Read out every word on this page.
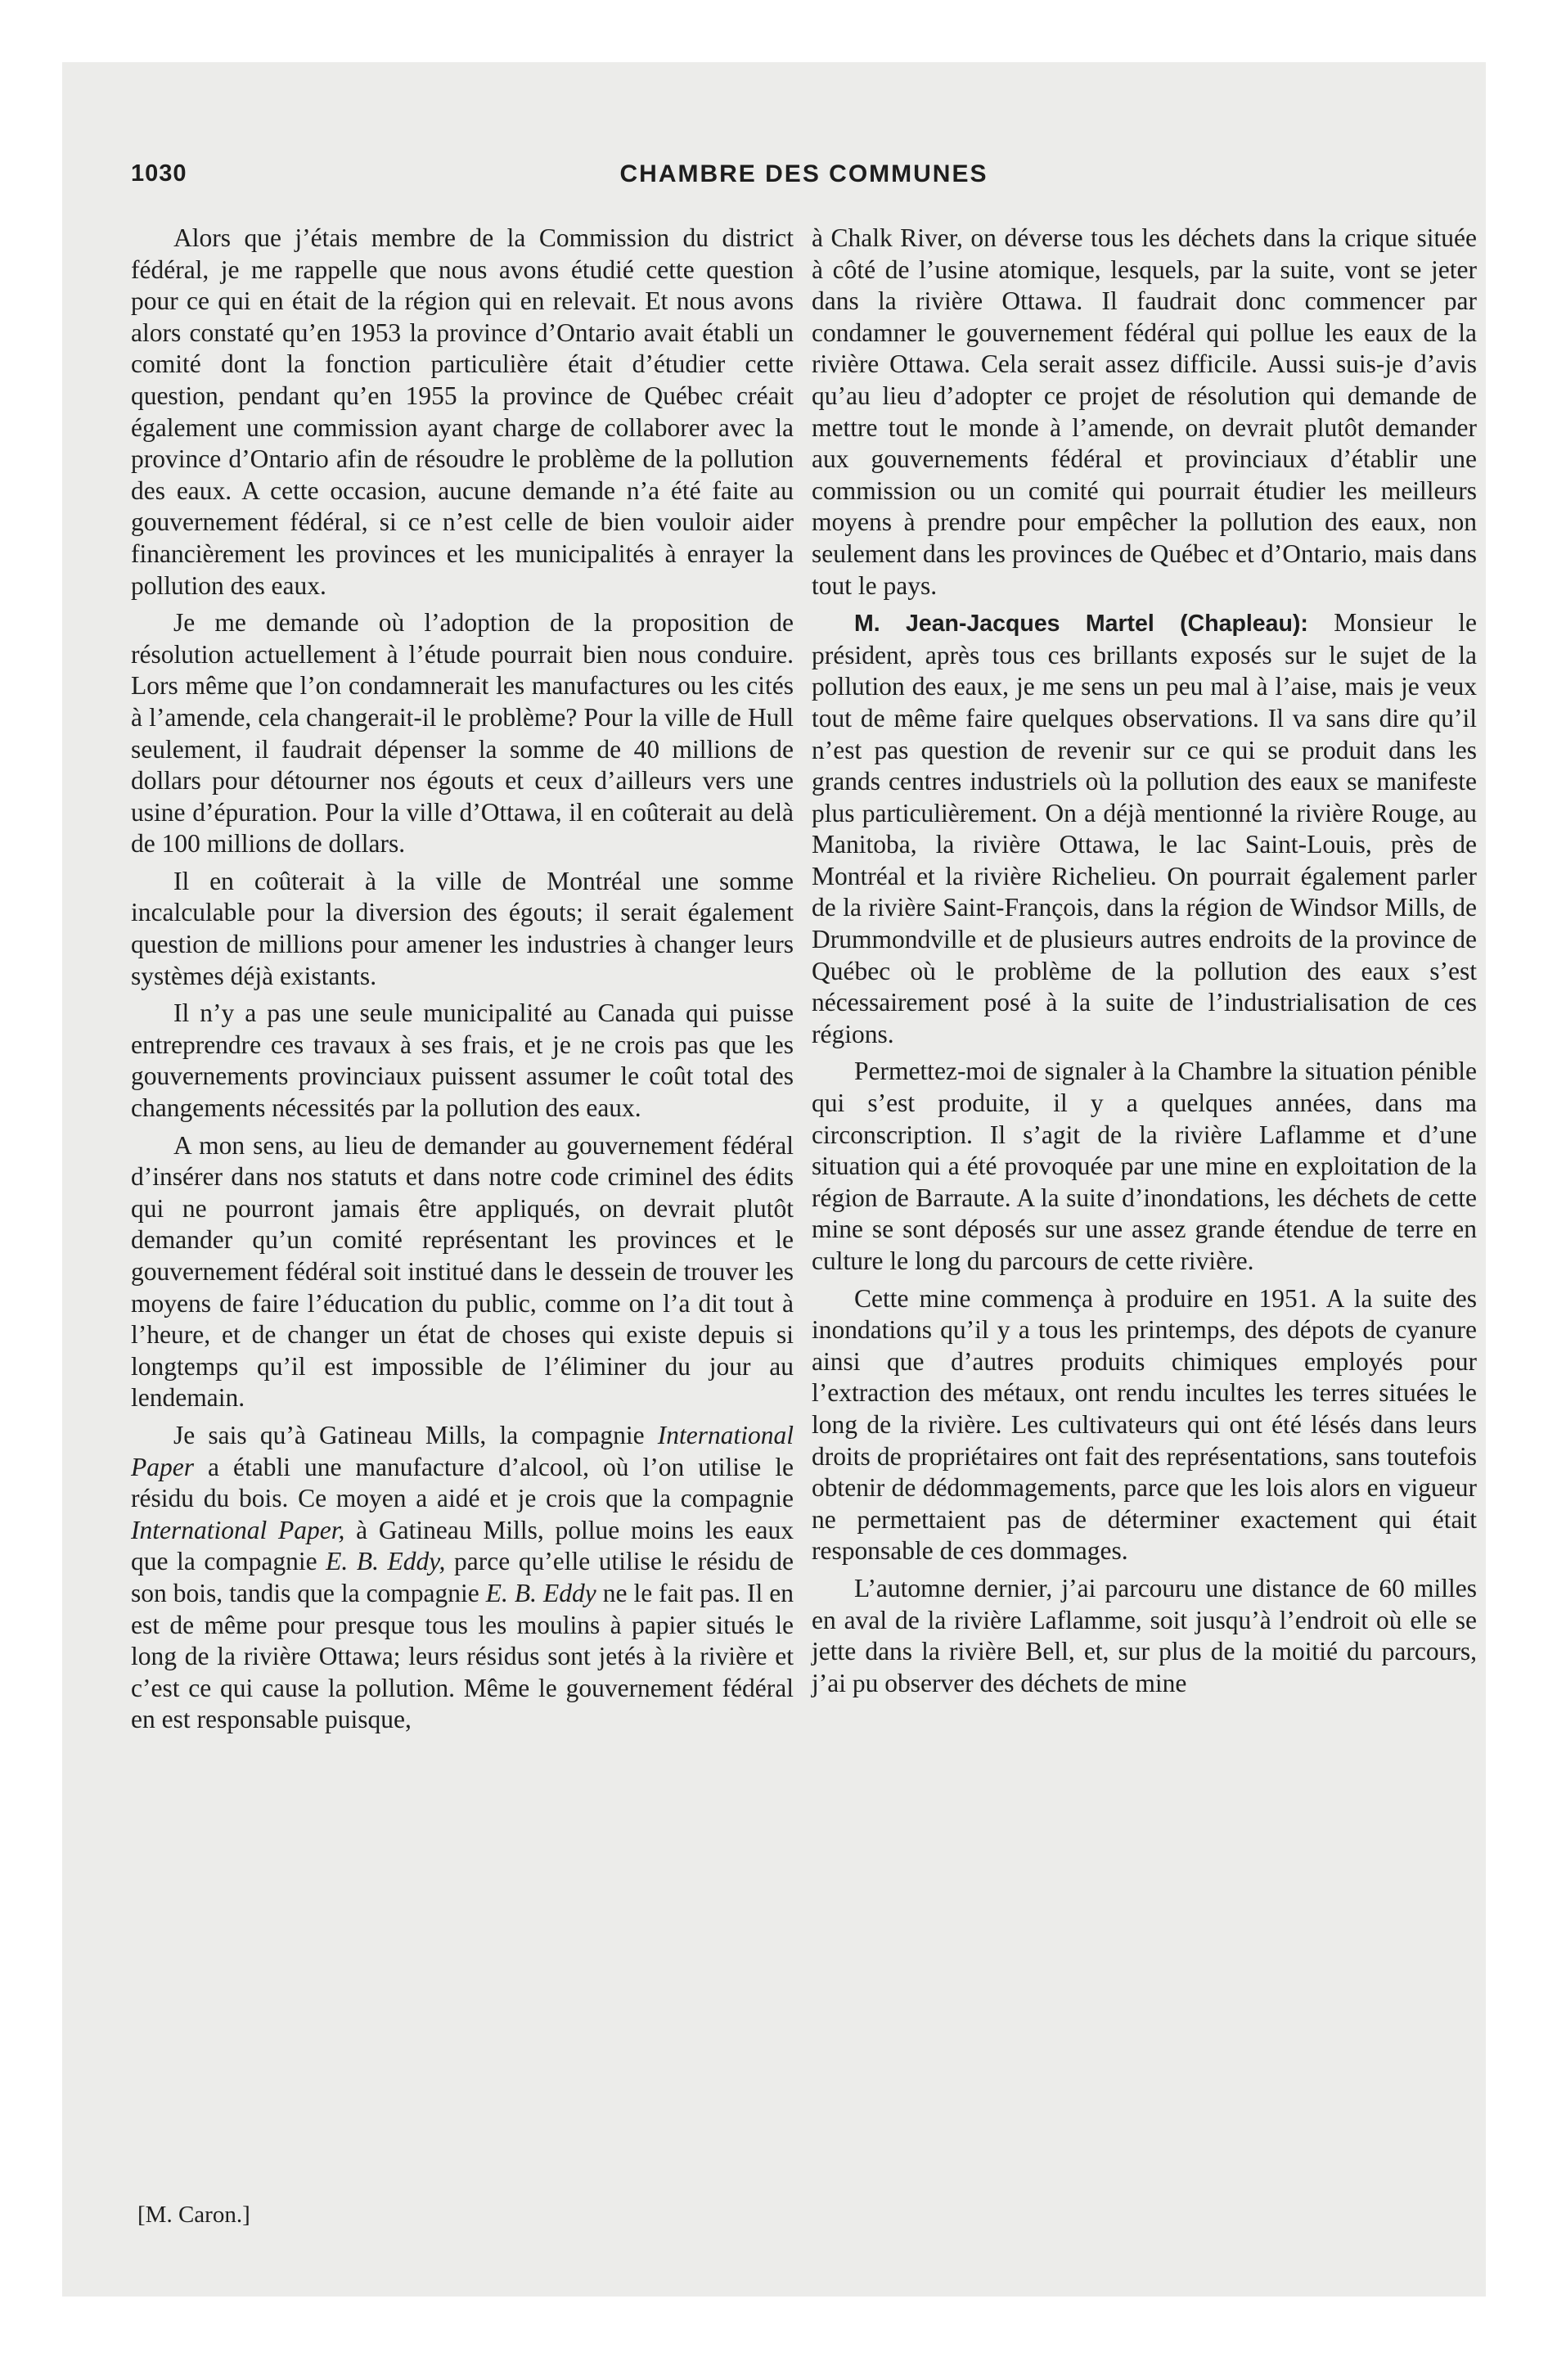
1030	CHAMBRE DES COMMUNES

Alors que j’étais membre de la Commission du district fédéral, je me rappelle que nous avons étudié cette question pour ce qui en était de la région qui en relevait. Et nous avons alors constaté qu’en 1953 la province d’Ontario avait établi un comité dont la fonction particulière était d’étudier cette question, pendant qu’en 1955 la province de Québec créait également une commission ayant charge de collaborer avec la province d’Ontario afin de résoudre le problème de la pollution des eaux. A cette occasion, aucune demande n’a été faite au gouvernement fédéral, si ce n’est celle de bien vouloir aider financièrement les provinces et les municipalités à enrayer la pollution des eaux.

Je me demande où l’adoption de la proposition de résolution actuellement à l’étude pourrait bien nous conduire. Lors même que l’on condamnerait les manufactures ou les cités à l’amende, cela changerait-il le problème? Pour la ville de Hull seulement, il faudrait dépenser la somme de 40 millions de dollars pour détourner nos égouts et ceux d’ailleurs vers une usine d’épuration. Pour la ville d’Ottawa, il en coûterait au delà de 100 millions de dollars.

Il en coûterait à la ville de Montréal une somme incalculable pour la diversion des égouts; il serait également question de millions pour amener les industries à changer leurs systèmes déjà existants.

Il n’y a pas une seule municipalité au Canada qui puisse entreprendre ces travaux à ses frais, et je ne crois pas que les gouvernements provinciaux puissent assumer le coût total des changements nécessités par la pollution des eaux.

A mon sens, au lieu de demander au gouvernement fédéral d’insérer dans nos statuts et dans notre code criminel des édits qui ne pourront jamais être appliqués, on devrait plutôt demander qu’un comité représentant les provinces et le gouvernement fédéral soit institué dans le dessein de trouver les moyens de faire l’éducation du public, comme on l’a dit tout à l’heure, et de changer un état de choses qui existe depuis si longtemps qu’il est impossible de l’éliminer du jour au lendemain.

Je sais qu’à Gatineau Mills, la compagnie International Paper a établi une manufacture d’alcool, où l’on utilise le résidu du bois. Ce moyen a aidé et je crois que la compagnie International Paper, à Gatineau Mills, pollue moins les eaux que la compagnie E. B. Eddy, parce qu’elle utilise le résidu de son bois, tandis que la compagnie E. B. Eddy ne le fait pas. Il en est de même pour presque tous les moulins à papier situés le long de la rivière Ottawa; leurs résidus sont jetés à la rivière et c’est ce qui cause la pollution. Même le gouvernement fédéral en est responsable puisque,

à Chalk River, on déverse tous les déchets dans la crique située à côté de l’usine atomique, lesquels, par la suite, vont se jeter dans la rivière Ottawa. Il faudrait donc commencer par condamner le gouvernement fédéral qui pollue les eaux de la rivière Ottawa. Cela serait assez difficile. Aussi suis-je d’avis qu’au lieu d’adopter ce projet de résolution qui demande de mettre tout le monde à l’amende, on devrait plutôt demander aux gouvernements fédéral et provinciaux d’établir une commission ou un comité qui pourrait étudier les meilleurs moyens à prendre pour empêcher la pollution des eaux, non seulement dans les provinces de Québec et d’Ontario, mais dans tout le pays.

M. Jean-Jacques Martel (Chapleau): Monsieur le président, après tous ces brillants exposés sur le sujet de la pollution des eaux, je me sens un peu mal à l’aise, mais je veux tout de même faire quelques observations. Il va sans dire qu’il n’est pas question de revenir sur ce qui se produit dans les grands centres industriels où la pollution des eaux se manifeste plus particulièrement. On a déjà mentionné la rivière Rouge, au Manitoba, la rivière Ottawa, le lac Saint-Louis, près de Montréal et la rivière Richelieu. On pourrait également parler de la rivière Saint-François, dans la région de Windsor Mills, de Drummondville et de plusieurs autres endroits de la province de Québec où le problème de la pollution des eaux s’est nécessairement posé à la suite de l’industrialisation de ces régions.

Permettez-moi de signaler à la Chambre la situation pénible qui s’est produite, il y a quelques années, dans ma circonscription. Il s’agit de la rivière Laflamme et d’une situation qui a été provoquée par une mine en exploitation de la région de Barraute. A la suite d’inondations, les déchets de cette mine se sont déposés sur une assez grande étendue de terre en culture le long du parcours de cette rivière.

Cette mine commença à produire en 1951. A la suite des inondations qu’il y a tous les printemps, des dépots de cyanure ainsi que d’autres produits chimiques employés pour l’extraction des métaux, ont rendu incultes les terres situées le long de la rivière. Les cultivateurs qui ont été lésés dans leurs droits de propriétaires ont fait des représentations, sans toutefois obtenir de dédommagements, parce que les lois alors en vigueur ne permettaient pas de déterminer exactement qui était responsable de ces dommages.

L’automne dernier, j’ai parcouru une distance de 60 milles en aval de la rivière Laflamme, soit jusqu’à l’endroit où elle se jette dans la rivière Bell, et, sur plus de la moitié du parcours, j’ai pu observer des déchets de mine

[M. Caron.]
